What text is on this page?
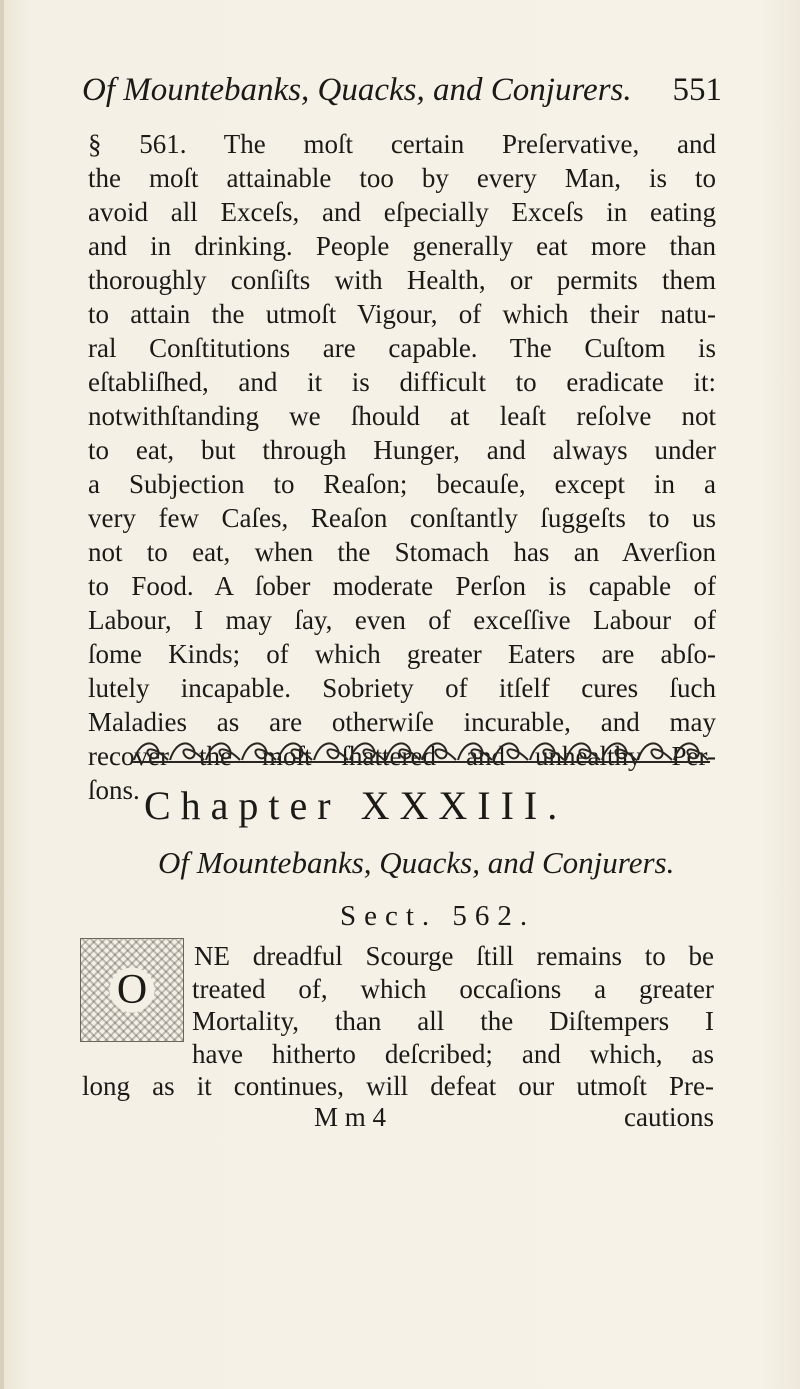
Of Mountebanks, Quacks, and Conjurers. 551
§ 561. The moſt certain Preſervative, and
the moſt attainable too by every Man, is to
avoid all Exceſs, and eſpecially Exceſs in eating
and in drinking. People generally eat more than
thoroughly conſiſts with Health, or permits them
to attain the utmoſt Vigour, of which their natu-
ral Conſtitutions are capable. The Cuſtom is
eſtabliſhed, and it is difficult to eradicate it:
notwithſtanding we ſhould at leaſt reſolve not
to eat, but through Hunger, and always under
a Subjection to Reaſon; becauſe, except in a
very few Caſes, Reaſon conſtantly ſuggeſts to us
not to eat, when the Stomach has an Averſion
to Food. A ſober moderate Perſon is capable of
Labour, I may ſay, even of exceſſive Labour of
ſome Kinds; of which greater Eaters are abſo-
lutely incapable. Sobriety of itſelf cures ſuch
Maladies as are otherwiſe incurable, and may
recover the moſt ſhattered and unhealthy Per-
ſons. Chapter XXXIII.
Of Mountebanks, Quacks, and Conjurers.
Sect. 562.
O
NE dreadful Scourge ſtill remains to be
treated of, which occaſions a greater
Mortality, than all the Diſtempers I
have hitherto deſcribed; and which, as
long as it continues, will defeat our utmoſt Pre-
M m 4	cautions
